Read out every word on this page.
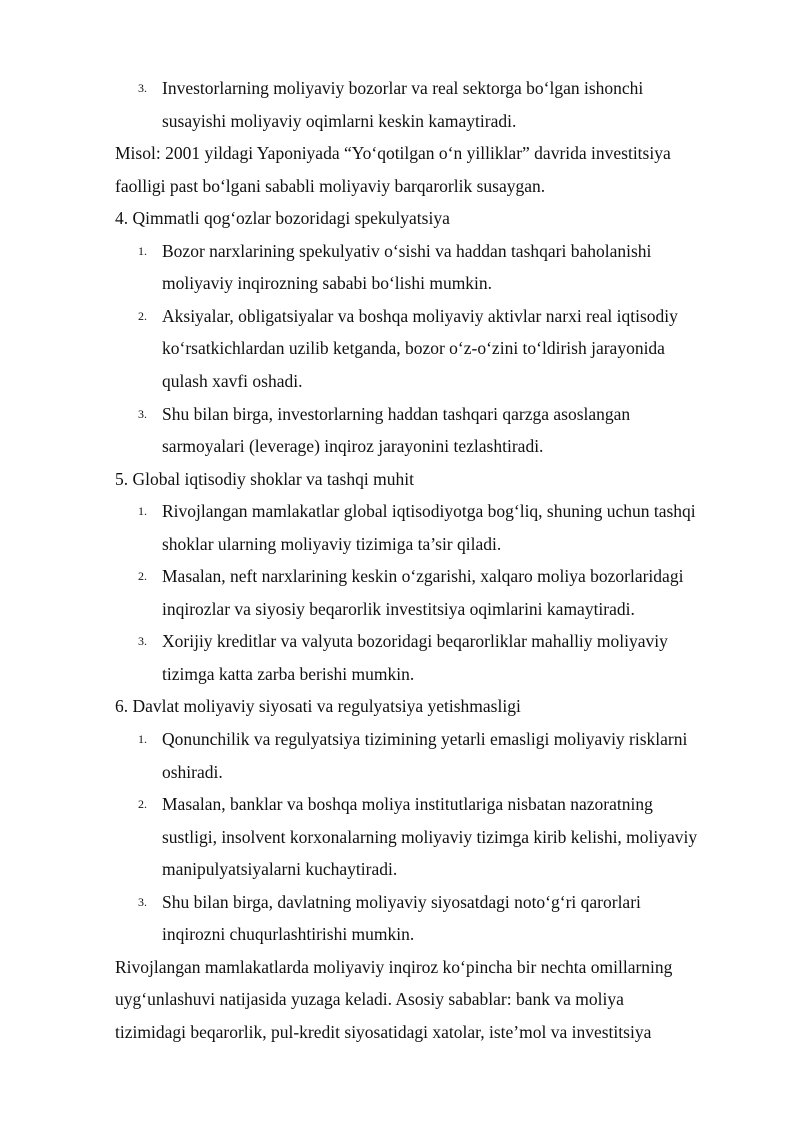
3. Investorlarning moliyaviy bozorlar va real sektorga bo‘lgan ishonchi
susayishi moliyaviy oqimlarni keskin kamaytiradi.
Misol: 2001 yildagi Yaponiyada “Yo‘qotilgan o‘n yilliklar” davrida investitsiya
faolligi past bo‘lgani sababli moliyaviy barqarorlik susaygan.
4. Qimmatli qog‘ozlar bozoridagi spekulyatsiya
1. Bozor narxlarining spekulyativ o‘sishi va haddan tashqari baholanishi
moliyaviy inqirozning sababi bo‘lishi mumkin.
2. Aksiyalar, obligatsiyalar va boshqa moliyaviy aktivlar narxi real iqtisodiy
ko‘rsatkichlardan uzilib ketganda, bozor o‘z-o‘zini to‘ldirish jarayonida
qulash xavfi oshadi.
3. Shu bilan birga, investorlarning haddan tashqari qarzga asoslangan
sarmoyalari (leverage) inqiroz jarayonini tezlashtiradi.
5. Global iqtisodiy shoklar va tashqi muhit
1. Rivojlangan mamlakatlar global iqtisodiyotga bog‘liq, shuning uchun tashqi
shoklar ularning moliyaviy tizimiga ta’sir qiladi.
2. Masalan, neft narxlarining keskin o‘zgarishi, xalqaro moliya bozorlaridagi
inqirozlar va siyosiy beqarorlik investitsiya oqimlarini kamaytiradi.
3. Xorijiy kreditlar va valyuta bozoridagi beqarorliklar mahalliy moliyaviy
tizimga katta zarba berishi mumkin.
6. Davlat moliyaviy siyosati va regulyatsiya yetishmasligi
1. Qonunchilik va regulyatsiya tizimining yetarli emasligi moliyaviy risklarni
oshiradi.
2. Masalan, banklar va boshqa moliya institutlariga nisbatan nazoratning
sustligi, insolvent korxonalarning moliyaviy tizimga kirib kelishi, moliyaviy
manipulyatsiyalarni kuchaytiradi.
3. Shu bilan birga, davlatning moliyaviy siyosatdagi noto‘g‘ri qarorlari
inqirozni chuqurlashtirishi mumkin.
Rivojlangan mamlakatlarda moliyaviy inqiroz ko‘pincha bir nechta omillarning
uyg‘unlashuvi natijasida yuzaga keladi. Asosiy sabablar: bank va moliya
tizimidagi beqarorlik, pul-kredit siyosatidagi xatolar, iste’mol va investitsiya
